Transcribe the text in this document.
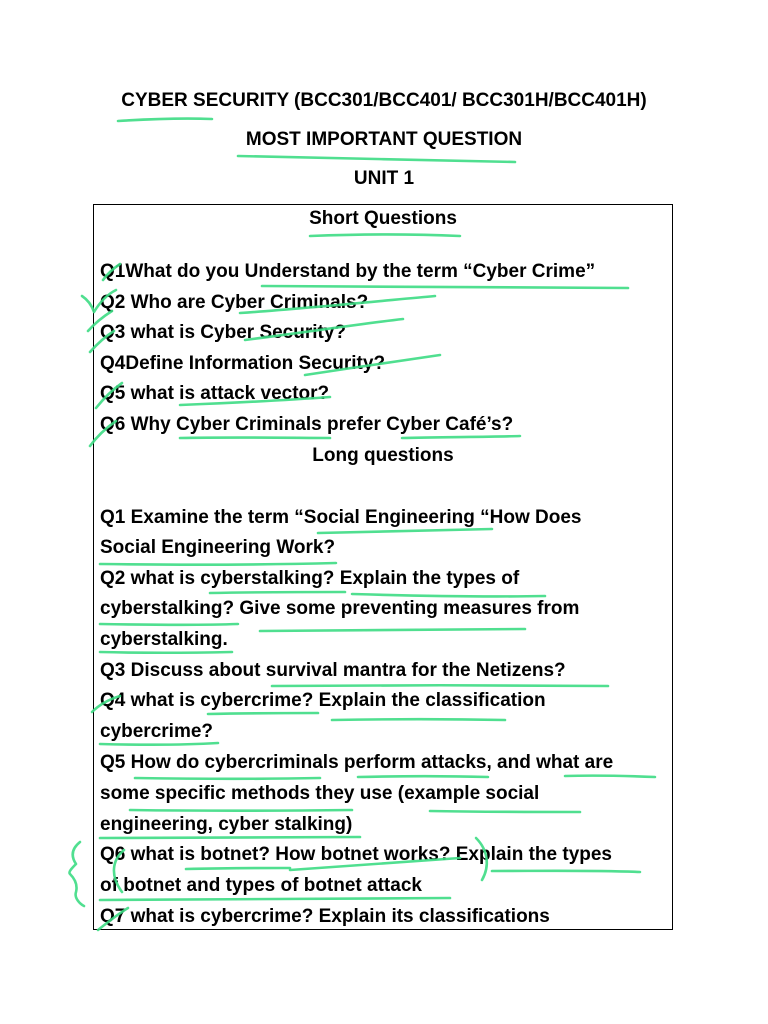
CYBER SECURITY (BCC301/BCC401/ BCC301H/BCC401H)
MOST IMPORTANT QUESTION
UNIT 1
Short Questions
Q1What do you Understand by the term “Cyber Crime”
Q2 Who are Cyber Criminals?
Q3 what is Cyber Security?
Q4Define Information Security?
Q5 what is attack vector?
Q6 Why Cyber Criminals prefer Cyber Café’s?
Long questions
Q1 Examine the term “Social Engineering “How Does
Social Engineering Work?
Q2 what is cyberstalking? Explain the types of
cyberstalking? Give some preventing measures from
cyberstalking.
Q3 Discuss about survival mantra for the Netizens?
Q4 what is cybercrime? Explain the classification
cybercrime?
Q5 How do cybercriminals perform attacks, and what are
some specific methods they use (example social
engineering, cyber stalking)
Q6 what is botnet? How botnet works? Explain the types
of botnet and types of botnet attack
Q7 what is cybercrime? Explain its classifications
